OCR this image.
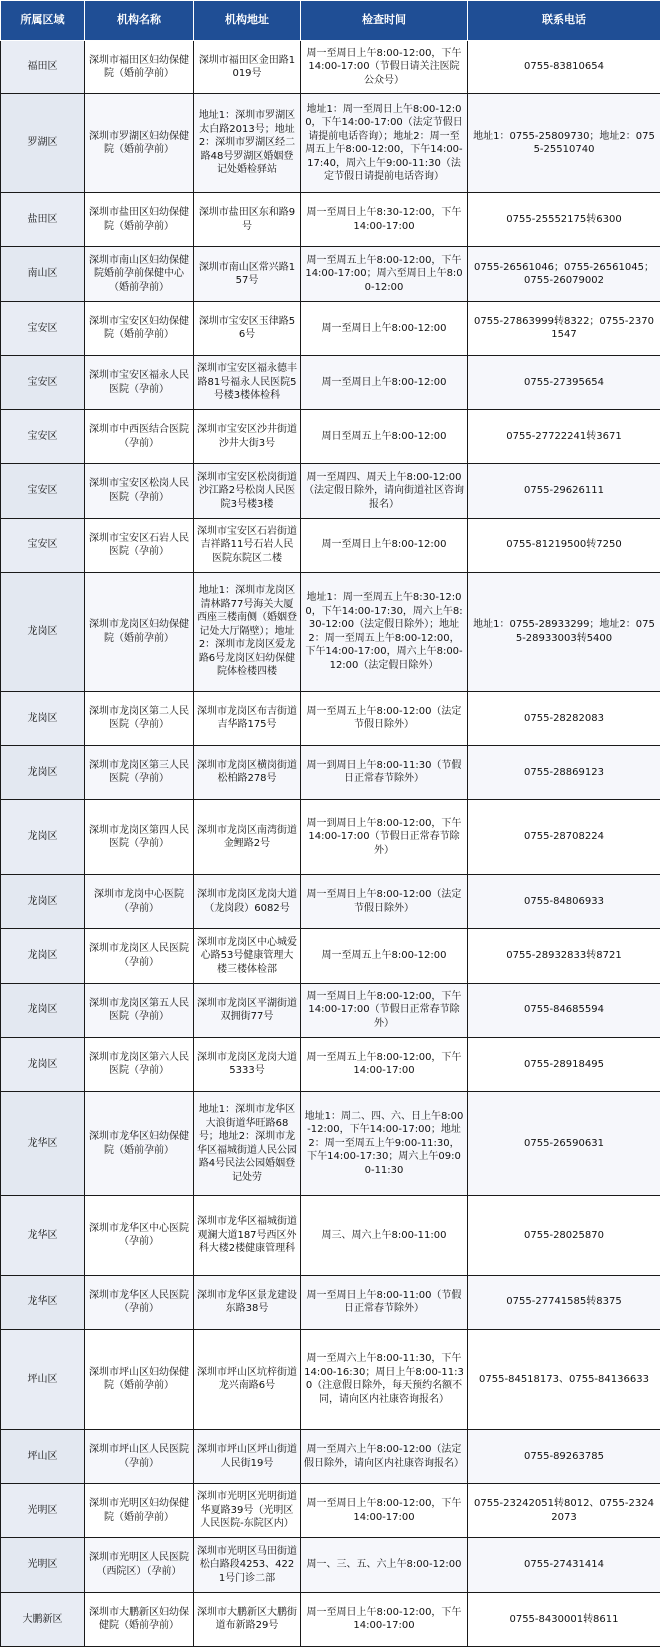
所属区域	机构名称	机构地址	检查时间	联系电话
福田区	深圳市福田区妇幼保健院（婚前孕前）	深圳市福田区金田路1019号	周一至周日上午8:00-12:00，下午14:00-17:00（节假日请关注医院公众号）	0755-83810654
罗湖区	深圳市罗湖区妇幼保健院（婚前孕前）	地址1：深圳市罗湖区太白路2013号；地址2：深圳市罗湖区经二路48号罗湖区婚姻登记处婚检驿站	地址1：周一至周日上午8:00-12:00，下午14:00-17:00（法定节假日请提前电话咨询）；地址2：周一至周五上午8:00-12:00，下午14:00-17:40，周六上午9:00-11:30（法定节假日请提前电话咨询）	地址1：0755-25809730；地址2：0755-25510740
盐田区	深圳市盐田区妇幼保健院（婚前孕前）	深圳市盐田区东和路9号	周一至周日上午8:30-12:00，下午14:00-17:00	0755-25552175转6300
南山区	深圳市南山区妇幼保健院婚前孕前保健中心（婚前孕前）	深圳市南山区常兴路157号	周一至周五上午8:00-12:00，下午14:00-17:00；周六至周日上午8:00-12:00	0755-26561046；0755-26561045；0755-26079002
宝安区	深圳市宝安区妇幼保健院（婚前孕前）	深圳市宝安区玉律路56号	周一至周日上午8:00-12:00	0755-27863999转8322；0755-23701547
宝安区	深圳市宝安区福永人民医院（孕前）	深圳市宝安区福永德丰路81号福永人民医院5号楼3楼体检科	周一至周日上午8:00-12:00	0755-27395654
宝安区	深圳市中西医结合医院（孕前）	深圳市宝安区沙井街道沙井大街3号	周日至周五上午8:00-12:00	0755-27722241转3671
宝安区	深圳市宝安区松岗人民医院（孕前）	深圳市宝安区松岗街道沙江路2号松岗人民医院3号楼3楼	周一至周四、周天上午8:00-12:00（法定假日除外，请向街道社区咨询报名）	0755-29626111
宝安区	深圳市宝安区石岩人民医院（孕前）	深圳市宝安区石岩街道吉祥路11号石岩人民医院东院区二楼	周一至周日上午8:00-12:00	0755-81219500转7250
龙岗区	深圳市龙岗区妇幼保健院（婚前孕前）	地址1：深圳市龙岗区清林路77号海关大厦西座三楼南侧（婚姻登记处大厅隔壁）；地址2：深圳市龙岗区爱龙路6号龙岗区妇幼保健院体检楼四楼	地址1：周一至周五上午8:30-12:00，下午14:00-17:30，周六上午8:30-12:00（法定假日除外）；地址2：周一至周五上午8:00-12:00，下午14:00-17:00，周六上午8:00-12:00（法定假日除外）	地址1：0755-28933299；地址2：0755-28933003转5400
龙岗区	深圳市龙岗区第二人民医院（孕前）	深圳市龙岗区布吉街道吉华路175号	周一至周五上午8:00-12:00（法定节假日除外）	0755-28282083
龙岗区	深圳市龙岗区第三人民医院（孕前）	深圳市龙岗区横岗街道松柏路278号	周一到周日上午8:00-11:30（节假日正常春节除外）	0755-28869123
龙岗区	深圳市龙岗区第四人民医院（孕前）	深圳市龙岗区南湾街道金鲤路2号	周一到周日上午8:00-12:00，下午14:00-17:00（节假日正常春节除外）	0755-28708224
龙岗区	深圳市龙岗中心医院（孕前）	深圳市龙岗区龙岗大道（龙岗段）6082号	周一至周日上午8:00-12:00（法定节假日除外）	0755-84806933
龙岗区	深圳市龙岗区人民医院（孕前）	深圳市龙岗区中心城爱心路53号健康管理大楼三楼体检部	周一至周五上午8:00-12:00	0755-28932833转8721
龙岗区	深圳市龙岗区第五人民医院（孕前）	深圳市龙岗区平湖街道双拥街77号	周一至周日上午8:00-12:00，下午14:00-17:00（节假日正常春节除外）	0755-84685594
龙岗区	深圳市龙岗区第六人民医院（孕前）	深圳市龙岗区龙岗大道5333号	周一至周五上午8:00-12:00，下午14:00-17:00	0755-28918495
龙华区	深圳市龙华区妇幼保健院（婚前孕前）	地址1：深圳市龙华区大浪街道华旺路68号；地址2：深圳市龙华区福城街道人民公园路4号民法公园婚姻登记处劳	地址1：周二、四、六、日上午8:00-12:00，下午14:00-17:00；地址2：周一至周五上午9:00-11:30，下午14:00-17:30；周六上午09:00-11:30	0755-26590631
龙华区	深圳市龙华区中心医院（孕前）	深圳市龙华区福城街道观澜大道187号西区外科大楼2楼健康管理科	周三、周六上午8:00-11:00	0755-28025870
龙华区	深圳市龙华区人民医院（孕前）	深圳市龙华区景龙建设东路38号	周一至周日上午8:00-11:00（节假日正常春节除外）	0755-27741585转8375
坪山区	深圳市坪山区妇幼保健院（婚前孕前）	深圳市坪山区坑梓街道龙兴南路6号	周一至周六上午8:00-11:30，下午14:00-16:30；周日上午8:00-11:30（注意假日除外，每天预约名额不同，请向区内社康咨询报名）	0755-84518173、0755-84136633
坪山区	深圳市坪山区人民医院（孕前）	深圳市坪山区坪山街道人民街19号	周一至周六上午8:00-12:00（法定假日除外，请向区内社康咨询报名）	0755-89263785
光明区	深圳市光明区妇幼保健院（婚前孕前）	深圳市光明区光明街道华夏路39号（光明区人民医院-东院区内）	周一至周日上午8:00-12:00，下午14:00-17:00	0755-23242051转8012、0755-23242073
光明区	深圳市光明区人民医院（西院区）（孕前）	深圳市光明区马田街道松白路段4253、4221号门诊二部	周一、三、五、六上午8:00-12:00	0755-27431414
大鹏新区	深圳市大鹏新区妇幼保健院（婚前孕前）	深圳市大鹏新区大鹏街道布新路29号	周一至周日上午8:00-12:00，下午14:00-17:00	0755-8430001转8611
